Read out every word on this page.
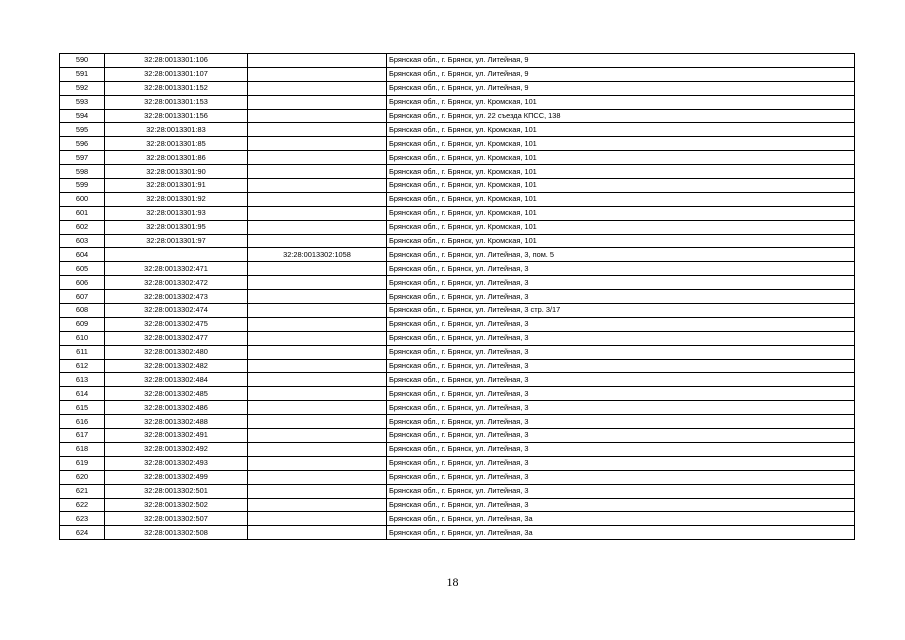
590	32:28:0013301:106		Брянская обл., г. Брянск, ул. Литейная, 9
591	32:28:0013301:107		Брянская обл., г. Брянск, ул. Литейная, 9
592	32:28:0013301:152		Брянская обл., г. Брянск, ул. Литейная, 9
593	32:28:0013301:153		Брянская обл., г. Брянск, ул. Кромская, 101
594	32:28:0013301:156		Брянская обл., г. Брянск, ул. 22 съезда КПСС, 138
595	32:28:0013301:83		Брянская обл., г. Брянск, ул. Кромская, 101
596	32:28:0013301:85		Брянская обл., г. Брянск, ул. Кромская, 101
597	32:28:0013301:86		Брянская обл., г. Брянск, ул. Кромская, 101
598	32:28:0013301:90		Брянская обл., г. Брянск, ул. Кромская, 101
599	32:28:0013301:91		Брянская обл., г. Брянск, ул. Кромская, 101
600	32:28:0013301:92		Брянская обл., г. Брянск, ул. Кромская, 101
601	32:28:0013301:93		Брянская обл., г. Брянск, ул. Кромская, 101
602	32:28:0013301:95		Брянская обл., г. Брянск, ул. Кромская, 101
603	32:28:0013301:97		Брянская обл., г. Брянск, ул. Кромская, 101
604		32:28:0013302:1058	Брянская обл., г. Брянск, ул. Литейная, 3, пом. 5
605	32:28:0013302:471		Брянская обл., г. Брянск, ул. Литейная, 3
606	32:28:0013302:472		Брянская обл., г. Брянск, ул. Литейная, 3
607	32:28:0013302:473		Брянская обл., г. Брянск, ул. Литейная, 3
608	32:28:0013302:474		Брянская обл., г. Брянск, ул. Литейная, 3 стр. 3/17
609	32:28:0013302:475		Брянская обл., г. Брянск, ул. Литейная, 3
610	32:28:0013302:477		Брянская обл., г. Брянск, ул. Литейная, 3
611	32:28:0013302:480		Брянская обл., г. Брянск, ул. Литейная, 3
612	32:28:0013302:482		Брянская обл., г. Брянск, ул. Литейная, 3
613	32:28:0013302:484		Брянская обл., г. Брянск, ул. Литейная, 3
614	32:28:0013302:485		Брянская обл., г. Брянск, ул. Литейная, 3
615	32:28:0013302:486		Брянская обл., г. Брянск, ул. Литейная, 3
616	32:28:0013302:488		Брянская обл., г. Брянск, ул. Литейная, 3
617	32:28:0013302:491		Брянская обл., г. Брянск, ул. Литейная, 3
618	32:28:0013302:492		Брянская обл., г. Брянск, ул. Литейная, 3
619	32:28:0013302:493		Брянская обл., г. Брянск, ул. Литейная, 3
620	32:28:0013302:499		Брянская обл., г. Брянск, ул. Литейная, 3
621	32:28:0013302:501		Брянская обл., г. Брянск, ул. Литейная, 3
622	32:28:0013302:502		Брянская обл., г. Брянск, ул. Литейная, 3
623	32:28:0013302:507		Брянская обл., г. Брянск, ул. Литейная, 3а
624	32:28:0013302:508		Брянская обл., г. Брянск, ул. Литейная, 3а
18
